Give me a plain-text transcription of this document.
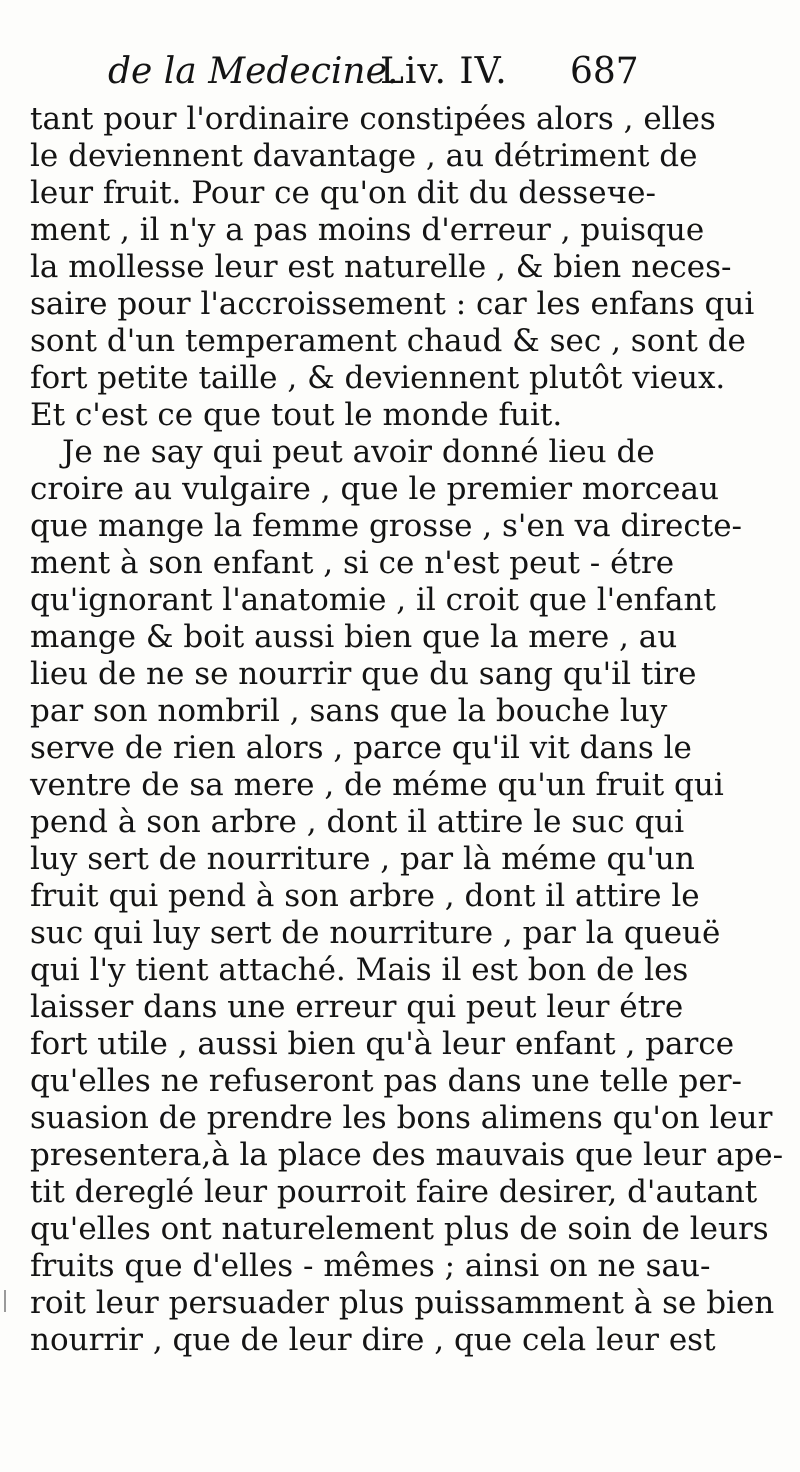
de la Medecine.
Liv. IV. 687
tant pour l'ordinaire constipées alors , elles
le deviennent davantage , au détriment de
leur fruit. Pour ce qu'on dit du dessече-
ment , il n'y a pas moins d'erreur , puisque
la mollesse leur est naturelle , & bien neces-
saire pour l'accroissement : car les enfans qui
sont d'un temperament chaud & sec , sont de
fort petite taille , & deviennent plutôt vieux.
Et c'est ce que tout le monde fuit.
Je ne say qui peut avoir donné lieu de
croire au vulgaire , que le premier morceau
que mange la femme grosse , s'en va directe-
ment à son enfant , si ce n'est peut - étre
qu'ignorant l'anatomie , il croit que l'enfant
mange & boit aussi bien que la mere , au
lieu de ne se nourrir que du sang qu'il tire
par son nombril , sans que la bouche luy
serve de rien alors , parce qu'il vit dans le
ventre de sa mere , de méme qu'un fruit qui
pend à son arbre , dont il attire le suc qui
luy sert de nourriture , par là méme qu'un
fruit qui pend à son arbre , dont il attire le
suc qui luy sert de nourriture , par la queuë
qui l'y tient attaché. Mais il est bon de les
laisser dans une erreur qui peut leur étre
fort utile , aussi bien qu'à leur enfant , parce
qu'elles ne refuseront pas dans une telle per-
suasion de prendre les bons alimens qu'on leur
presentera,à la place des mauvais que leur ape-
tit dereglé leur pourroit faire desirer, d'autant
qu'elles ont naturelement plus de soin de leurs
fruits que d'elles - mêmes ; ainsi on ne sau-
roit leur persuader plus puissamment à se bien
nourrir , que de leur dire , que cela leur est
